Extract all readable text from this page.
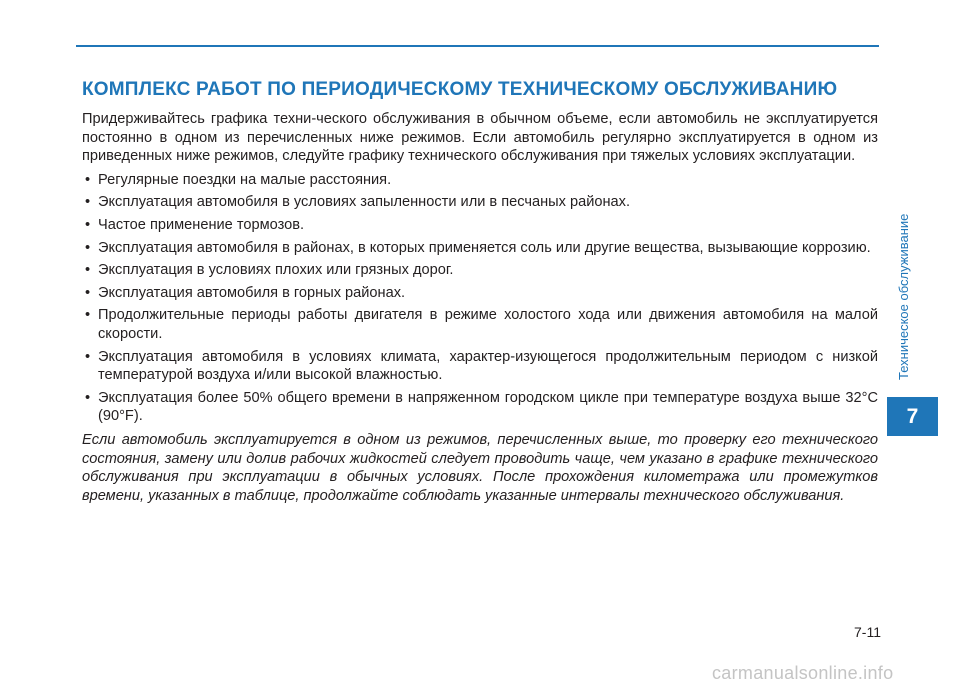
КОМПЛЕКС РАБОТ ПО ПЕРИОДИЧЕСКОМУ ТЕХНИЧЕСКОМУ ОБСЛУЖИВАНИЮ

Придерживайтесь графика техни-ческого обслуживания в обычном объеме, если автомобиль не эксплуатируется постоянно в одном из перечисленных ниже режимов. Если автомобиль регулярно эксплуатируется в одном из приведенных ниже режимов, следуйте графику технического обслуживания при тяжелых условиях эксплуатации.

• Регулярные поездки на малые расстояния.
• Эксплуатация автомобиля в условиях запыленности или в песчаных районах.
• Частое применение тормозов.
• Эксплуатация автомобиля в районах, в которых применяется соль или другие вещества, вызывающие коррозию.
• Эксплуатация в условиях плохих или грязных дорог.
• Эксплуатация автомобиля в горных районах.
• Продолжительные периоды работы двигателя в режиме холостого хода или движения автомобиля на малой скорости.
• Эксплуатация автомобиля в условиях климата, характер-изующегося продолжительным периодом с низкой температурой воздуха и/или высокой влажностью.
• Эксплуатация более 50% общего времени в напряженном городском цикле при температуре воздуха выше 32°С (90°F).

Если автомобиль эксплуатируется в одном из режимов, перечисленных выше, то проверку его технического состояния, замену или долив рабочих жидкостей следует проводить чаще, чем указано в графике технического обслуживания при эксплуатации в обычных условиях. После прохождения километража или промежутков времени, указанных в таблице, продолжайте соблюдать указанные интервалы технического обслуживания.

Техническое обслуживание
7
7-11
carmanualsonline.info
